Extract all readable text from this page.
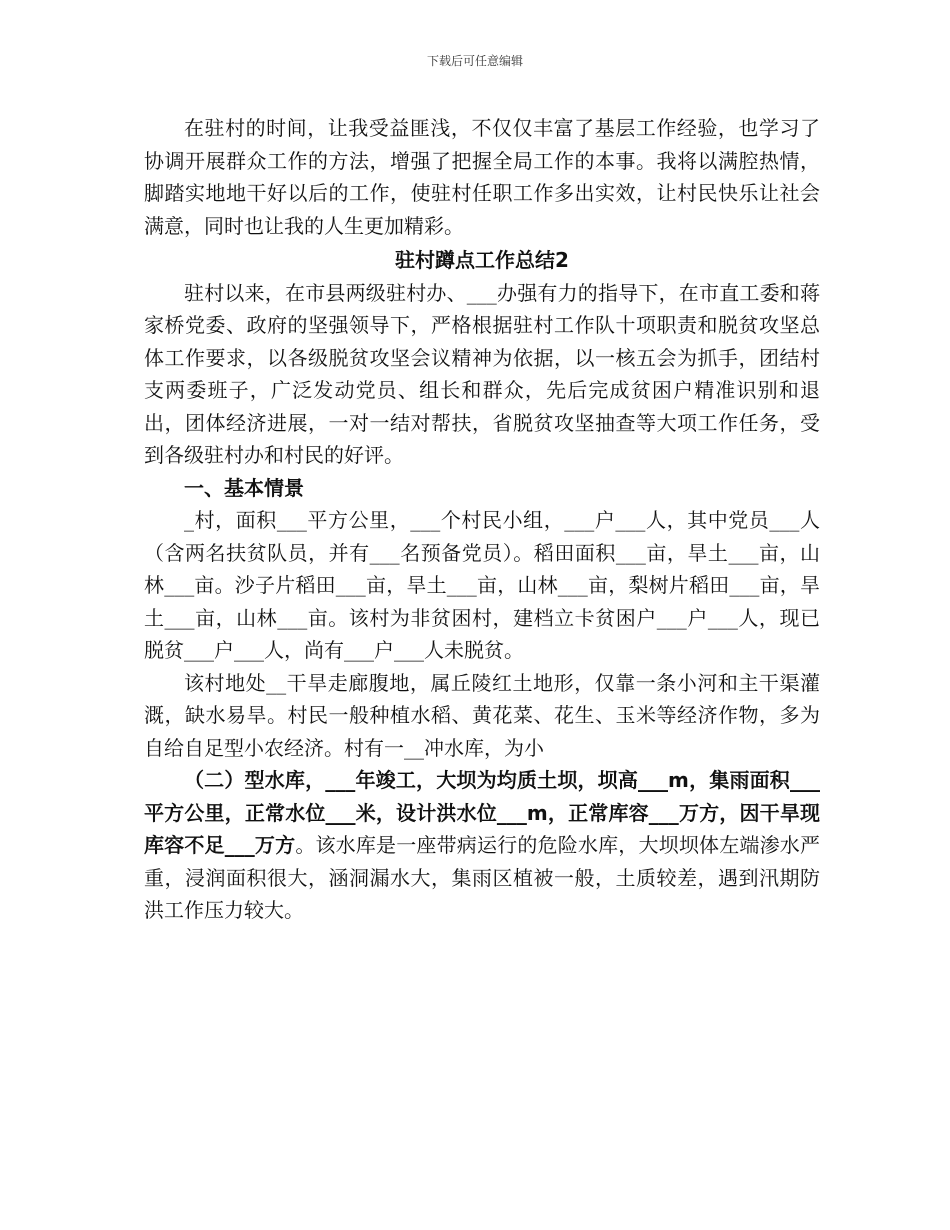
下载后可任意编辑

在驻村的时间，让我受益匪浅，不仅仅丰富了基层工作经验，也学习了协调开展群众工作的方法，增强了把握全局工作的本事。我将以满腔热情，脚踏实地地干好以后的工作，使驻村任职工作多出实效，让村民快乐让社会满意，同时也让我的人生更加精彩。

驻村蹲点工作总结2

驻村以来，在市县两级驻村办、___办强有力的指导下，在市直工委和蒋家桥党委、政府的坚强领导下，严格根据驻村工作队十项职责和脱贫攻坚总体工作要求，以各级脱贫攻坚会议精神为依据，以一核五会为抓手，团结村支两委班子，广泛发动党员、组长和群众，先后完成贫困户精准识别和退出，团体经济进展，一对一结对帮扶，省脱贫攻坚抽查等大项工作任务，受到各级驻村办和村民的好评。

一、基本情景

_村，面积___平方公里，___个村民小组，___户___人，其中党员___人（含两名扶贫队员，并有___名预备党员）。稻田面积___亩，旱土___亩，山林___亩。沙子片稻田___亩，旱土___亩，山林___亩，梨树片稻田___亩，旱土___亩，山林___亩。该村为非贫困村，建档立卡贫困户___户___人，现已脱贫___户___人，尚有___户___人未脱贫。

该村地处__干旱走廊腹地，属丘陵红土地形，仅靠一条小河和主干渠灌溉，缺水易旱。村民一般种植水稻、黄花菜、花生、玉米等经济作物，多为自给自足型小农经济。村有一__冲水库，为小

（二）型水库，___年竣工，大坝为均质土坝，坝高___m，集雨面积___平方公里，正常水位___米，设计洪水位___m，正常库容___万方，因干旱现库容不足___万方。该水库是一座带病运行的危险水库，大坝坝体左端渗水严重，浸润面积很大，涵洞漏水大，集雨区植被一般，土质较差，遇到汛期防洪工作压力较大。
